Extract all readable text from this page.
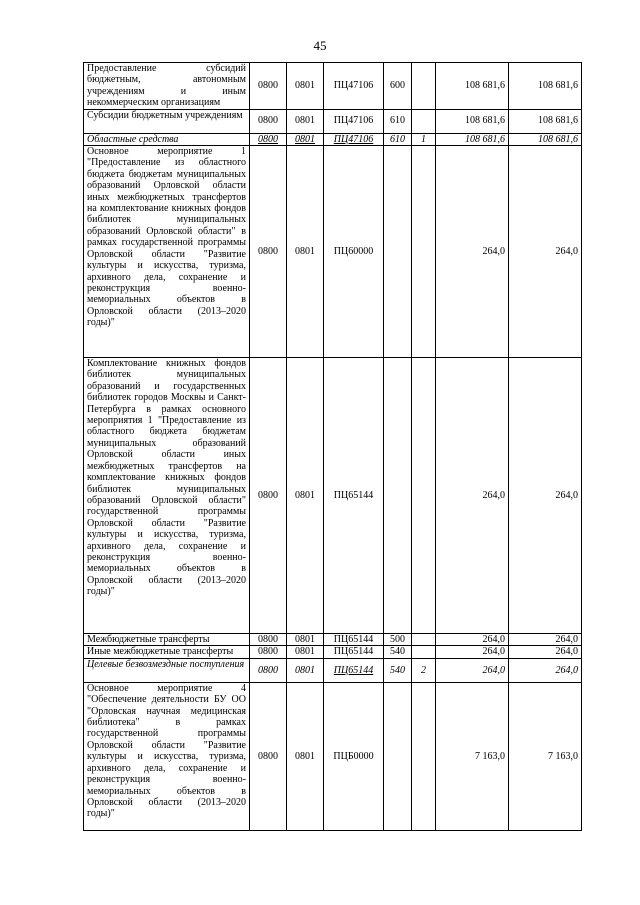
45
Предоставление субсидий бюджетным, автономным учреждениям и иным некоммерческим организациям	0800	0801	ПЦ47106	600		108 681,6	108 681,6
Субсидии бюджетным учреждениям	0800	0801	ПЦ47106	610		108 681,6	108 681,6
Областные средства	0800	0801	ПЦ47106	610	1	108 681,6	108 681,6
Основное мероприятие 1 "Предоставление из областного бюджета бюджетам муниципальных образований Орловской области иных межбюджетных трансфертов на комплектование книжных фондов библиотек муниципальных образований Орловской области" в рамках государственной программы Орловской области "Развитие культуры и искусства, туризма, архивного дела, сохранение и реконструкция военно-мемориальных объектов в Орловской области (2013–2020 годы)"	0800	0801	ПЦ60000			264,0	264,0
Комплектование книжных фондов библиотек муниципальных образований и государственных библиотек городов Москвы и Санкт-Петербурга в рамках основного мероприятия 1 "Предоставление из областного бюджета бюджетам муниципальных образований Орловской области иных межбюджетных трансфертов на комплектование книжных фондов библиотек муниципальных образований Орловской области" государственной программы Орловской области "Развитие культуры и искусства, туризма, архивного дела, сохранение и реконструкция военно-мемориальных объектов в Орловской области (2013–2020 годы)"	0800	0801	ПЦ65144			264,0	264,0
Межбюджетные трансферты	0800	0801	ПЦ65144	500		264,0	264,0
Иные межбюджетные трансферты	0800	0801	ПЦ65144	540		264,0	264,0
Целевые безвозмездные поступления	0800	0801	ПЦ65144	540	2	264,0	264,0
Основное мероприятие 4 "Обеспечение деятельности БУ ОО "Орловская научная медицинская библиотека" в рамках государственной программы Орловской области "Развитие культуры и искусства, туризма, архивного дела, сохранение и реконструкция военно-мемориальных объектов в Орловской области (2013–2020 годы)"	0800	0801	ПЦБ0000			7 163,0	7 163,0
